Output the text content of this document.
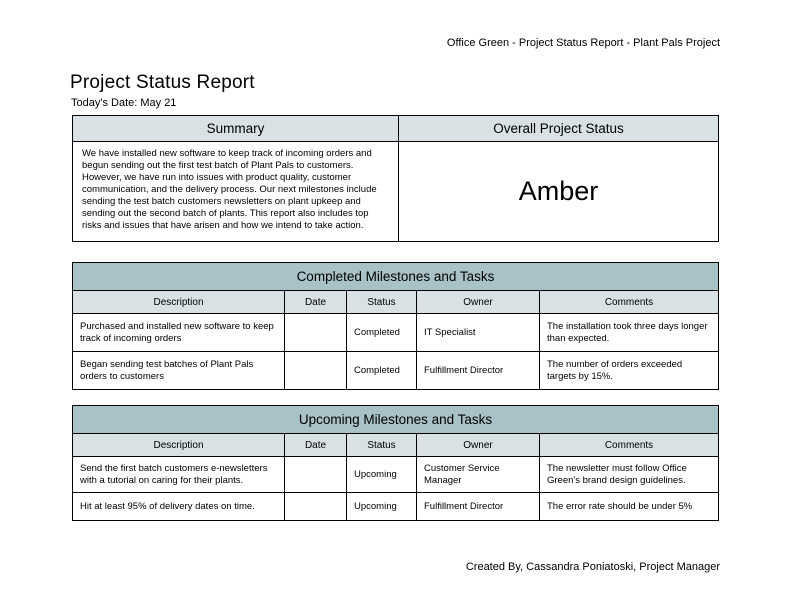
Office Green - Project Status Report - Plant Pals Project
Project Status Report
Today's Date: May 21
Summary	Overall Project Status
We have installed new software to keep track of incoming orders and begun sending out the first test batch of Plant Pals to customers. However, we have run into issues with product quality, customer communication, and the delivery process. Our next milestones include sending the test batch customers newsletters on plant upkeep and sending out the second batch of plants. This report also includes top risks and issues that have arisen and how we intend to take action.	Amber
Completed Milestones and Tasks				
Description	Date	Status	Owner	Comments
Purchased and installed new software to keep track of incoming orders		Completed	IT Specialist	The installation took three days longer than expected.
Began sending test batches of Plant Pals orders to customers		Completed	Fulfillment Director	The number of orders exceeded targets by 15%.
Upcoming Milestones and Tasks				
Description	Date	Status	Owner	Comments
Send the first batch customers e-newsletters with a tutorial on caring for their plants.		Upcoming	Customer Service Manager	The newsletter must follow Office Green's brand design guidelines.
Hit at least 95% of delivery dates on time.		Upcoming	Fulfillment Director	The error rate should be under 5%
Created By, Cassandra Poniatoski, Project Manager
